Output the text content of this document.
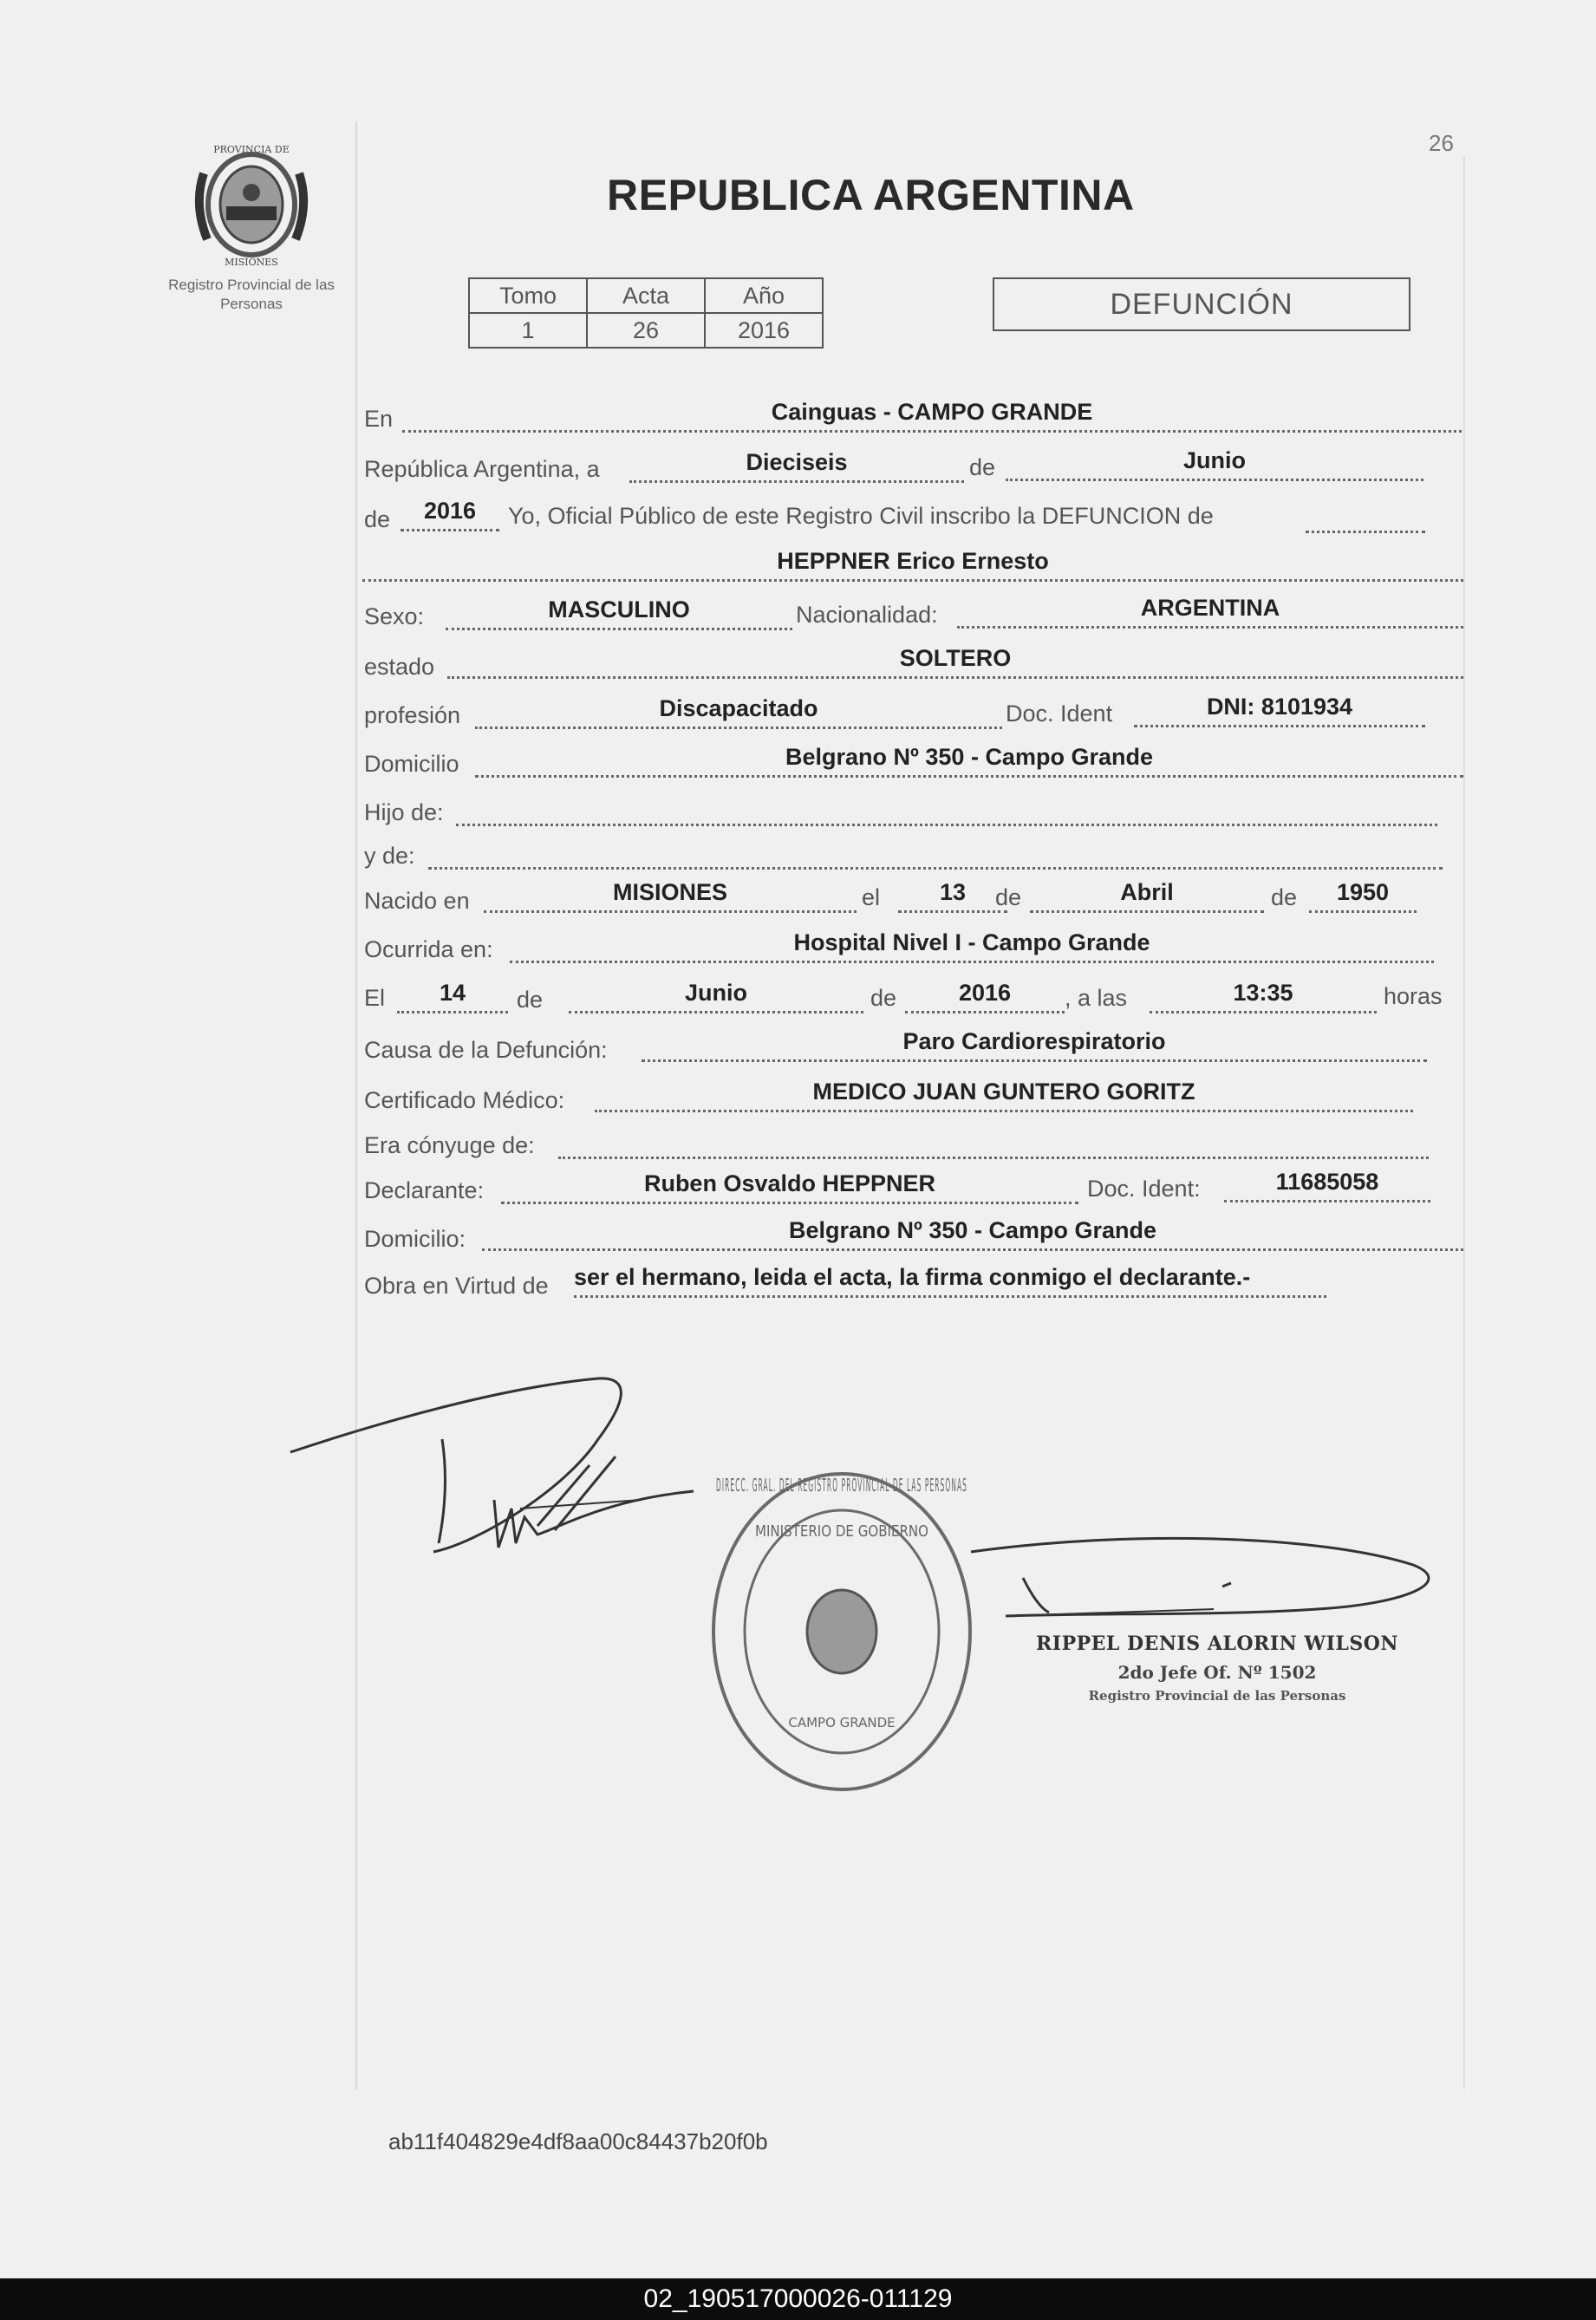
26
PROVINCIA DE
MISIONES
Registro Provincial de las Personas
REPUBLICA ARGENTINA
Tomo	Acta	Año
1	26	2016
DEFUNCIÓN
En	Cainguas - CAMPO GRANDE
República Argentina, a	Dieciseis	de	Junio
de	2016	Yo, Oficial Público de este Registro Civil inscribo la DEFUNCION de
HEPPNER Erico Ernesto
Sexo:	MASCULINO	Nacionalidad:	ARGENTINA
estado	SOLTERO
profesión	Discapacitado	Doc. Ident	DNI: 8101934
Domicilio	Belgrano Nº 350 - Campo Grande
Hijo de:
y de:
Nacido en	MISIONES	el	13	de	Abril	de	1950
Ocurrida en:	Hospital Nivel I - Campo Grande
El	14	de	Junio	de	2016	, a las	13:35	horas
Causa de la Defunción:	Paro Cardiorespiratorio
Certificado Médico:	MEDICO JUAN GUNTERO GORITZ
Era cónyuge de:
Declarante:	Ruben Osvaldo HEPPNER	Doc. Ident:	11685058
Domicilio:	Belgrano Nº 350 - Campo Grande
Obra en Virtud de ser el hermano, leida el acta, la firma conmigo el declarante.-
DIRECC. GRAL. DEL REGISTRO PROVINCIAL DE LAS PERSONAS
MINISTERIO DE GOBIERNO
CAMPO GRANDE
RIPPEL DENIS ALORIN WILSON
2do Jefe Of. Nº 1502
Registro Provincial de las Personas
ab11f404829e4df8aa00c84437b20f0b
02_190517000026-011129
